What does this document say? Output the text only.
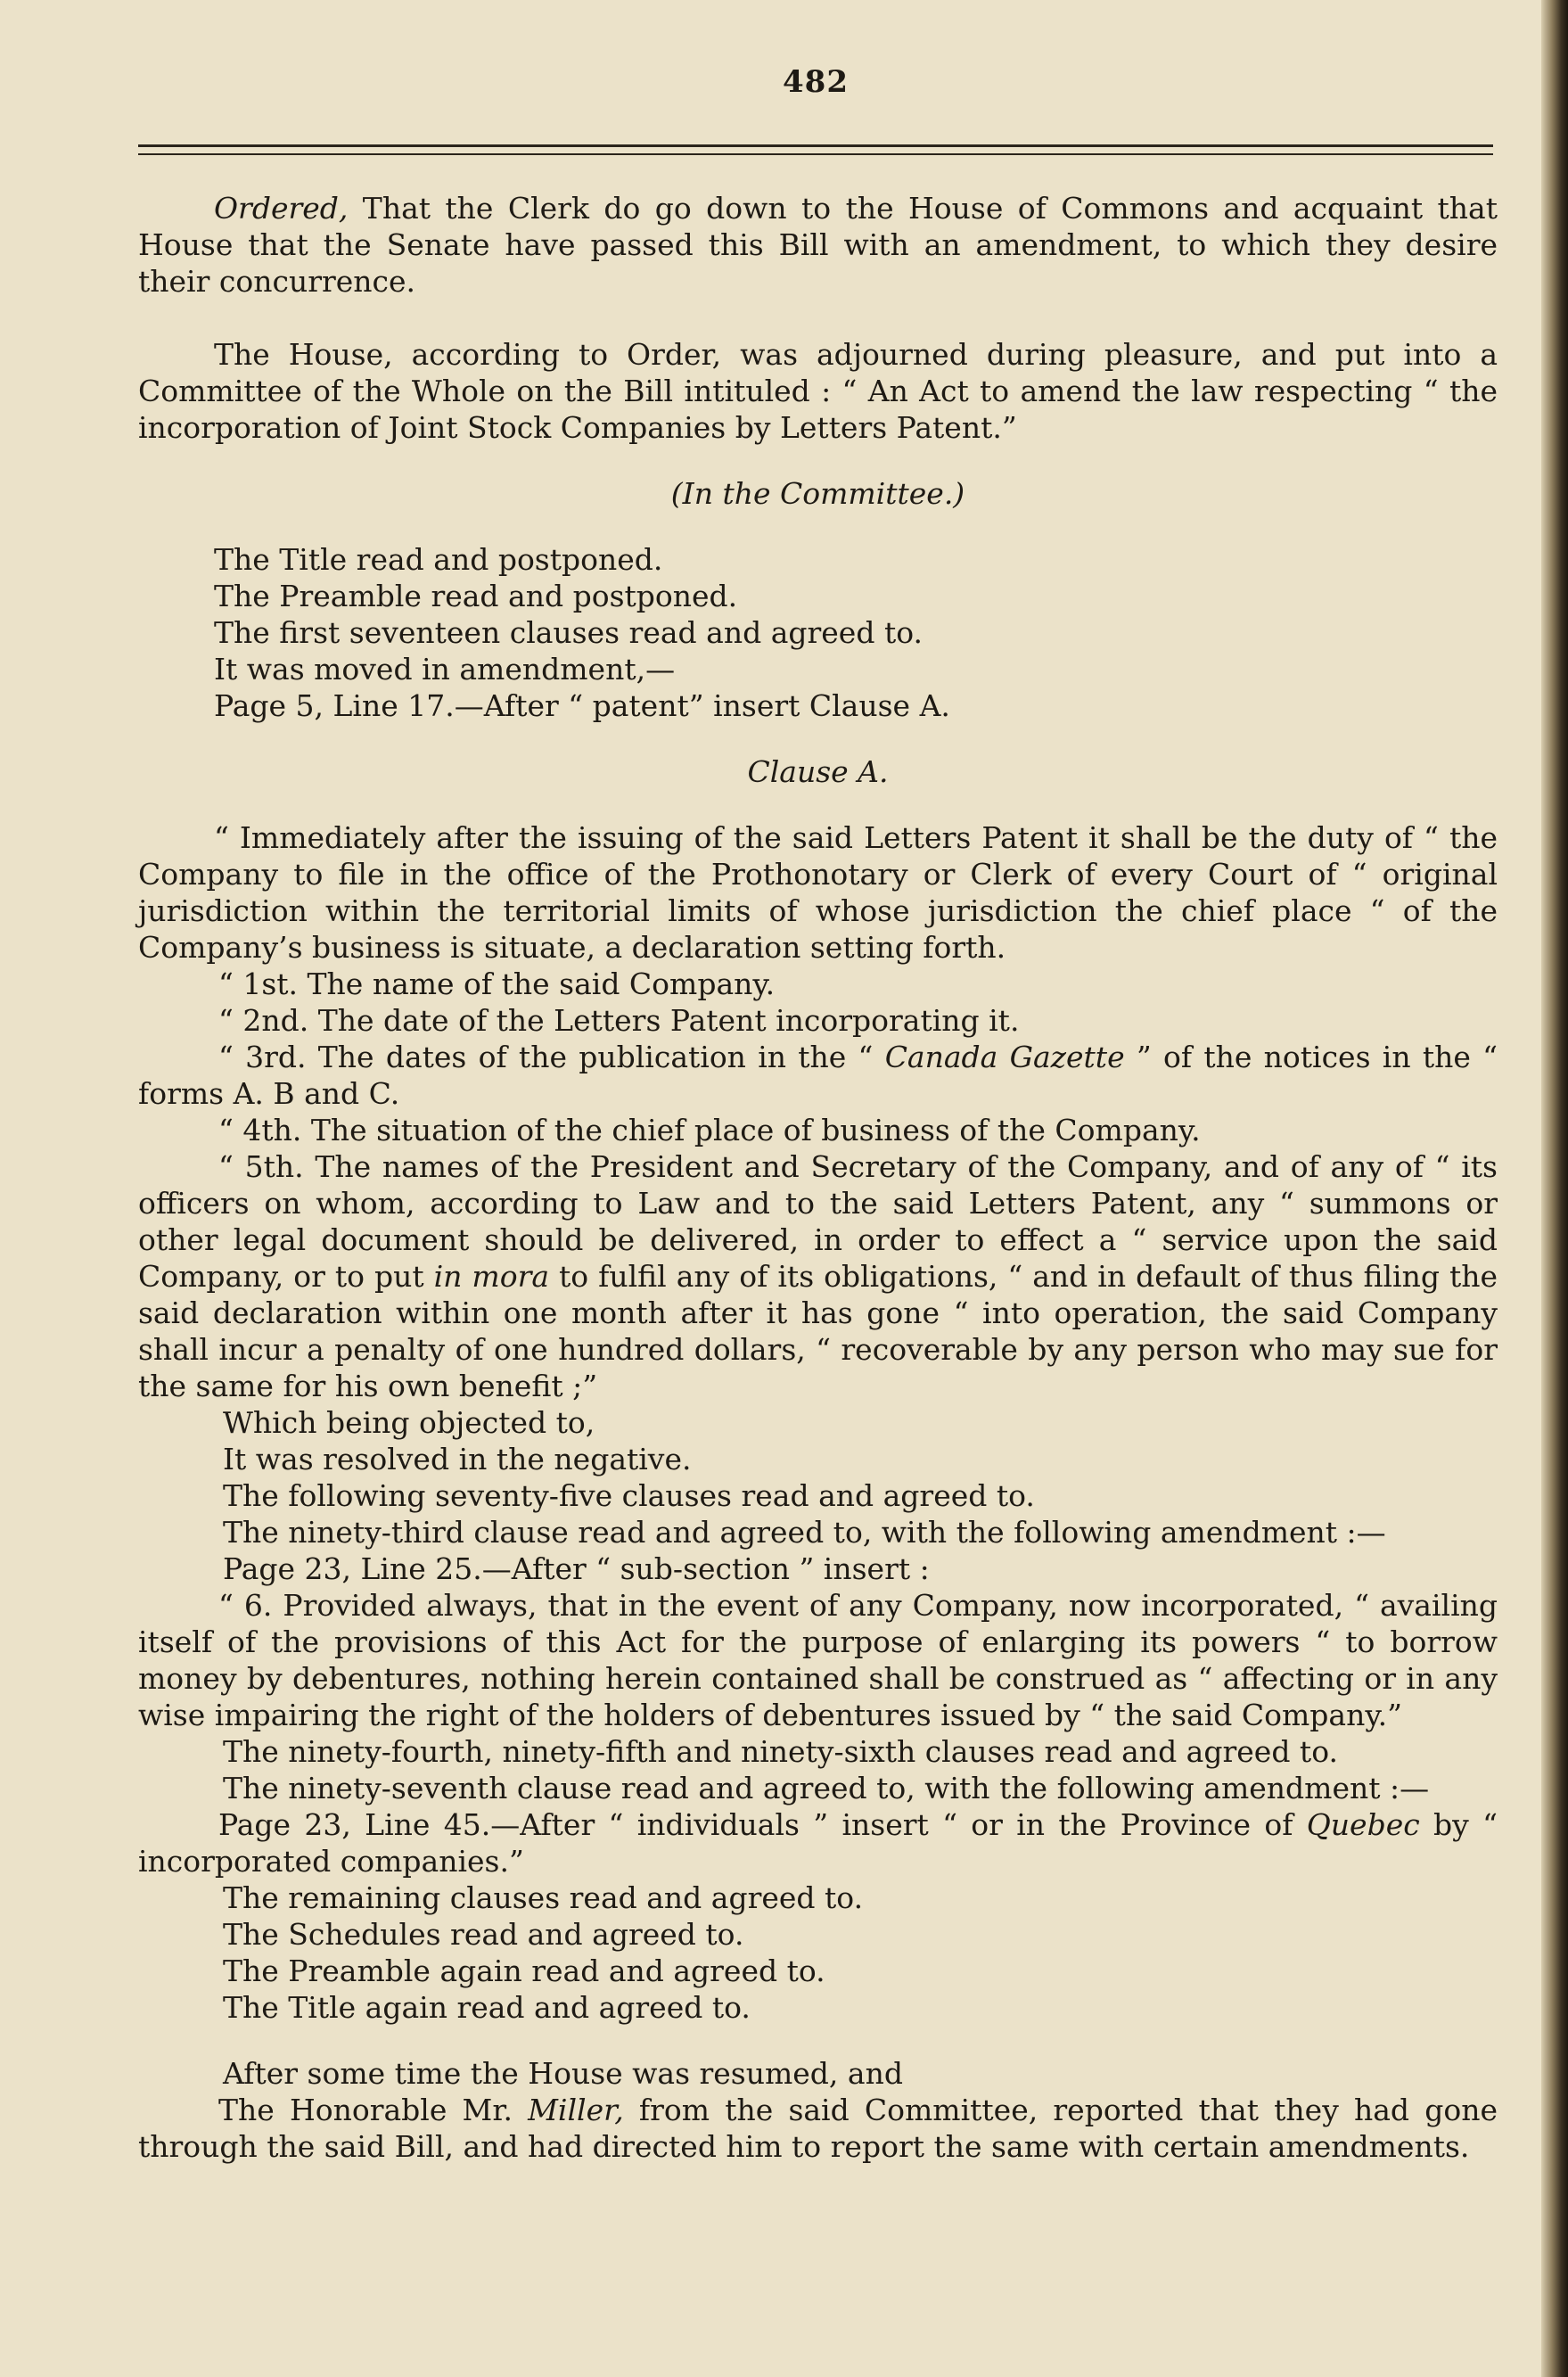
482

Ordered, That the Clerk do go down to the House of Commons and acquaint that House that the Senate have passed this Bill with an amendment, to which they desire their concurrence.

The House, according to Order, was adjourned during pleasure, and put into a Committee of the Whole on the Bill intituled : “ An Act to amend the law respecting “ the incorporation of Joint Stock Companies by Letters Patent.”

(In the Committee.)

The Title read and postponed.

The Preamble read and postponed.

The first seventeen clauses read and agreed to.

It was moved in amendment,—

Page 5, Line 17.—After “ patent” insert Clause A.

Clause A.

“ Immediately after the issuing of the said Letters Patent it shall be the duty of “ the Company to file in the office of the Prothonotary or Clerk of every Court of “ original jurisdiction within the territorial limits of whose jurisdiction the chief place “ of the Company’s business is situate, a declaration setting forth.

“ 1st. The name of the said Company.

“ 2nd. The date of the Letters Patent incorporating it.

“ 3rd. The dates of the publication in the “ Canada Gazette ” of the notices in the “ forms A. B and C.

“ 4th. The situation of the chief place of business of the Company.

“ 5th. The names of the President and Secretary of the Company, and of any of “ its officers on whom, according to Law and to the said Letters Patent, any “ summons or other legal document should be delivered, in order to effect a “ service upon the said Company, or to put in mora to fulfil any of its obligations, “ and in default of thus filing the said declaration within one month after it has gone “ into operation, the said Company shall incur a penalty of one hundred dollars, “ recoverable by any person who may sue for the same for his own benefit ;”

Which being objected to,

It was resolved in the negative.

The following seventy-five clauses read and agreed to.

The ninety-third clause read and agreed to, with the following amendment :—

Page 23, Line 25.—After “ sub-section ” insert :

“ 6. Provided always, that in the event of any Company, now incorporated, “ availing itself of the provisions of this Act for the purpose of enlarging its powers “ to borrow money by debentures, nothing herein contained shall be construed as “ affecting or in any wise impairing the right of the holders of debentures issued by “ the said Company.”

The ninety-fourth, ninety-fifth and ninety-sixth clauses read and agreed to.

The ninety-seventh clause read and agreed to, with the following amendment :—

Page 23, Line 45.—After “ individuals ” insert “ or in the Province of Quebec by “ incorporated companies.”

The remaining clauses read and agreed to.

The Schedules read and agreed to.

The Preamble again read and agreed to.

The Title again read and agreed to.

After some time the House was resumed, and

The Honorable Mr. Miller, from the said Committee, reported that they had gone through the said Bill, and had directed him to report the same with certain amendments.
